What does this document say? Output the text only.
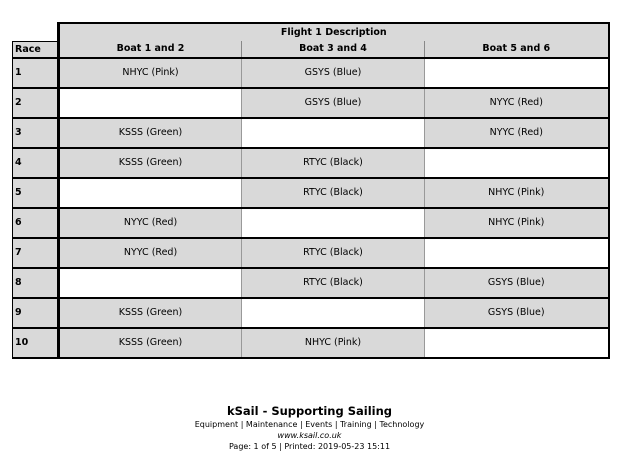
	Flight 1 Description		
Race	Boat 1 and 2	Boat 3 and 4	Boat 5 and 6
1	NHYC (Pink)	GSYS (Blue)	
2		GSYS (Blue)	NYYC (Red)
3	KSSS (Green)		NYYC (Red)
4	KSSS (Green)	RTYC (Black)	
5		RTYC (Black)	NHYC (Pink)
6	NYYC (Red)		NHYC (Pink)
7	NYYC (Red)	RTYC (Black)	
8		RTYC (Black)	GSYS (Blue)
9	KSSS (Green)		GSYS (Blue)
10	KSSS (Green)	NHYC (Pink)	
kSail - Supporting Sailing
Equipment | Maintenance | Events | Training | Technology
www.ksail.co.uk
Page: 1 of 5 | Printed: 2019-05-23 15:11
